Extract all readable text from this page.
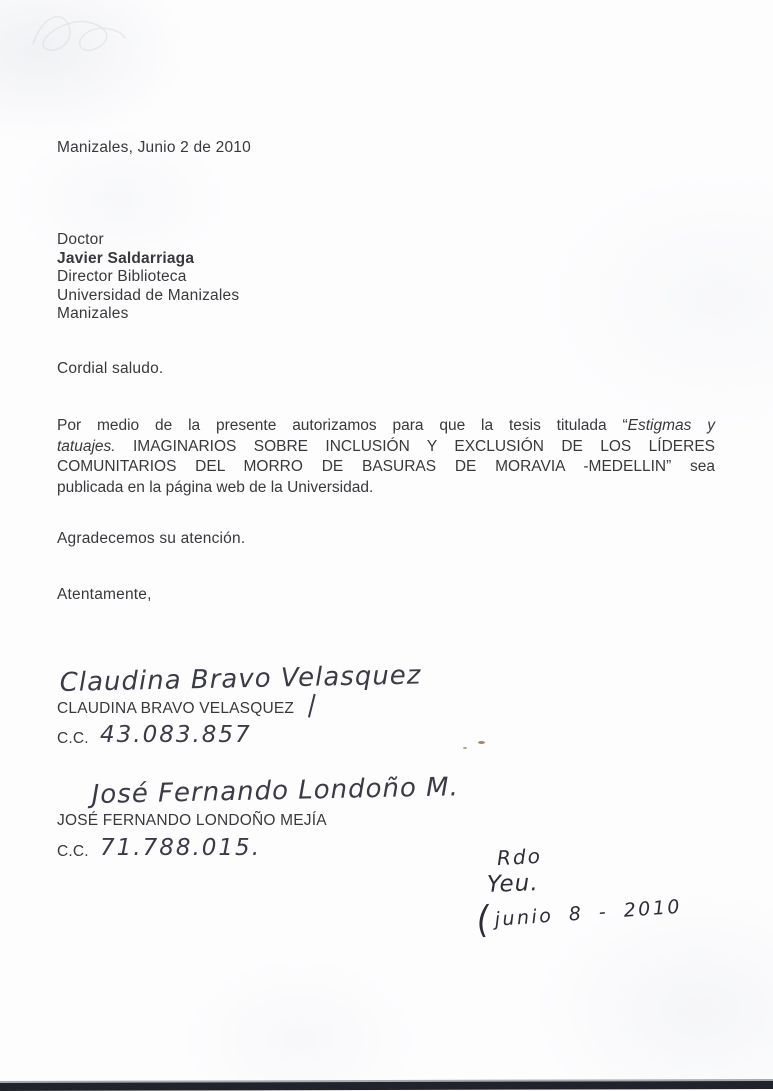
Manizales, Junio 2 de 2010
Doctor
Javier Saldarriaga
Director Biblioteca
Universidad de Manizales
Manizales
Cordial saludo.
Por medio de la presente autorizamos para que la tesis titulada “Estigmas y
tatuajes. IMAGINARIOS SOBRE INCLUSIÓN Y EXCLUSIÓN DE LOS LÍDERES
COMUNITARIOS DEL MORRO DE BASURAS DE MORAVIA -MEDELLIN” sea
publicada en la página web de la Universidad.
Agradecemos su atención.
Atentamente,
Claudina Bravo Velasquez
CLAUDINA BRAVO VELASQUEZ
C.C. 43.083.857
José Fernando Londoño M.
JOSÉ FERNANDO LONDOÑO MEJÍA
C.C. 71.788.015.	Rdo
Yeu.
(junio 8 - 2010
